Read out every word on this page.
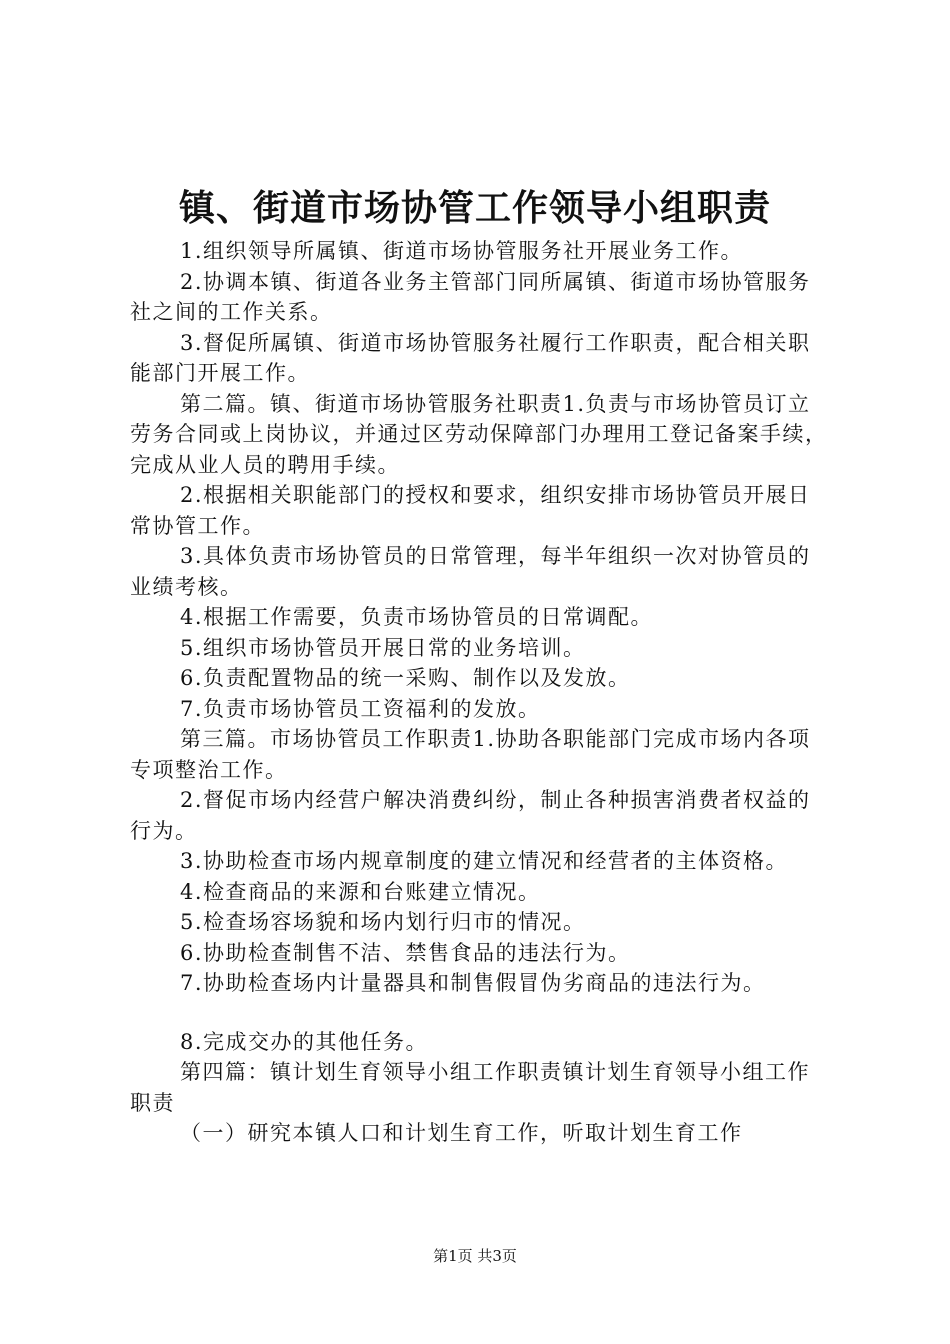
镇、街道市场协管工作领导小组职责

1.组织领导所属镇、街道市场协管服务社开展业务工作。

2.协调本镇、街道各业务主管部门同所属镇、街道市场协管服务社之间的工作关系。

3.督促所属镇、街道市场协管服务社履行工作职责，配合相关职能部门开展工作。

第二篇。镇、街道市场协管服务社职责1.负责与市场协管员订立劳务合同或上岗协议，并通过区劳动保障部门办理用工登记备案手续，完成从业人员的聘用手续。

2.根据相关职能部门的授权和要求，组织安排市场协管员开展日常协管工作。

3.具体负责市场协管员的日常管理，每半年组织一次对协管员的业绩考核。

4.根据工作需要，负责市场协管员的日常调配。

5.组织市场协管员开展日常的业务培训。

6.负责配置物品的统一采购、制作以及发放。

7.负责市场协管员工资福利的发放。

第三篇。市场协管员工作职责1.协助各职能部门完成市场内各项专项整治工作。

2.督促市场内经营户解决消费纠纷，制止各种损害消费者权益的行为。

3.协助检查市场内规章制度的建立情况和经营者的主体资格。

4.检查商品的来源和台账建立情况。

5.检查场容场貌和场内划行归市的情况。

6.协助检查制售不洁、禁售食品的违法行为。

7.协助检查场内计量器具和制售假冒伪劣商品的违法行为。

8.完成交办的其他任务。

第四篇：镇计划生育领导小组工作职责镇计划生育领导小组工作职责

（一）研究本镇人口和计划生育工作，听取计划生育工作

第1页 共3页
